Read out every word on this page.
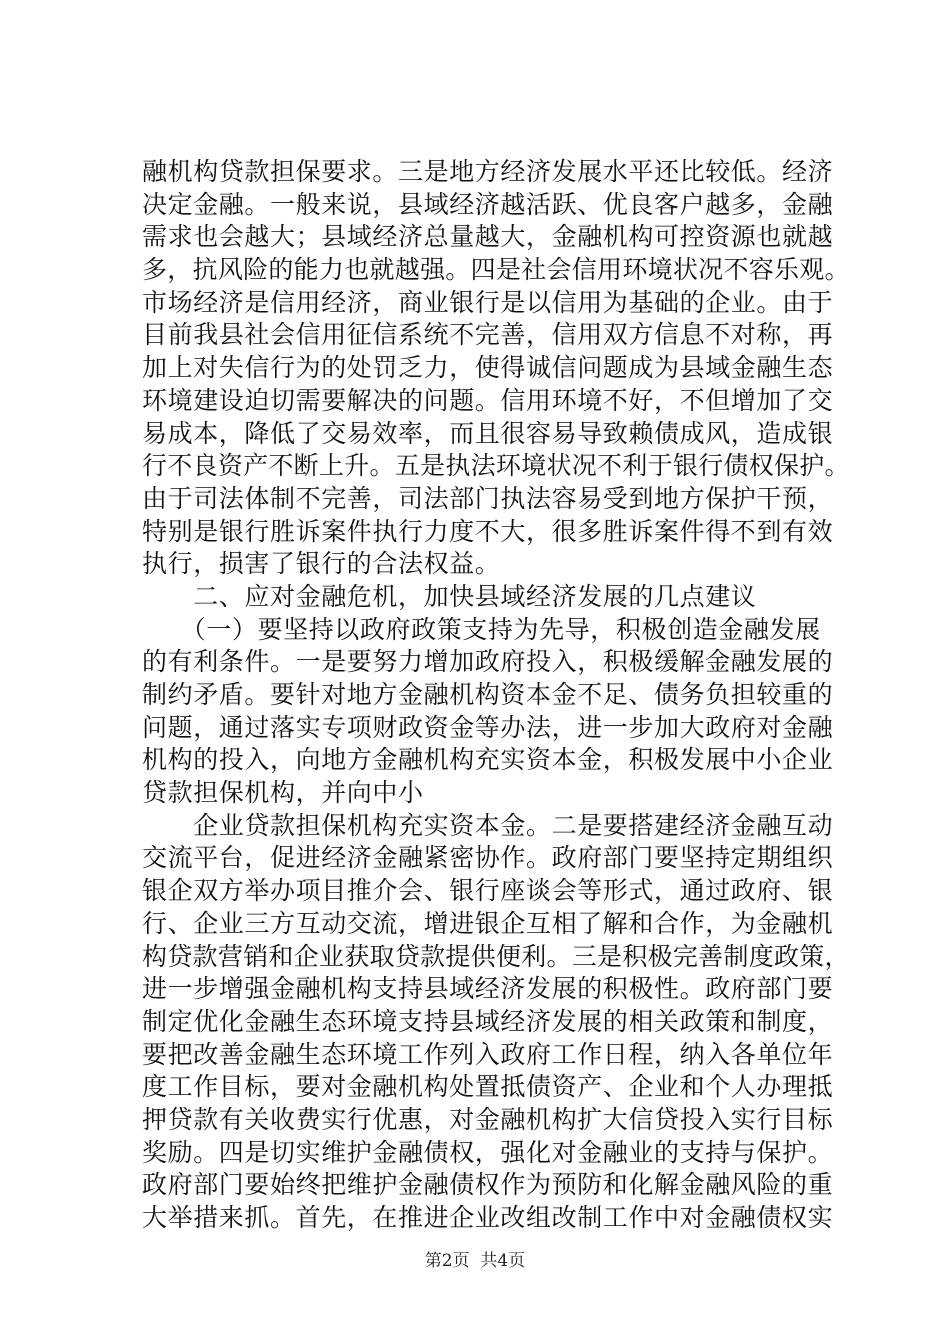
融机构贷款担保要求。三是地方经济发展水平还比较低。经济
决定金融。一般来说，县域经济越活跃、优良客户越多，金融
需求也会越大；县域经济总量越大，金融机构可控资源也就越
多，抗风险的能力也就越强。四是社会信用环境状况不容乐观。
市场经济是信用经济，商业银行是以信用为基础的企业。由于
目前我县社会信用征信系统不完善，信用双方信息不对称，再
加上对失信行为的处罚乏力，使得诚信问题成为县域金融生态
环境建设迫切需要解决的问题。信用环境不好，不但增加了交
易成本，降低了交易效率，而且很容易导致赖债成风，造成银
行不良资产不断上升。五是执法环境状况不利于银行债权保护。
由于司法体制不完善，司法部门执法容易受到地方保护干预，
特别是银行胜诉案件执行力度不大，很多胜诉案件得不到有效
执行，损害了银行的合法权益。
　　二、应对金融危机，加快县域经济发展的几点建议
　　（一）要坚持以政府政策支持为先导，积极创造金融发展
的有利条件。一是要努力增加政府投入，积极缓解金融发展的
制约矛盾。要针对地方金融机构资本金不足、债务负担较重的
问题，通过落实专项财政资金等办法，进一步加大政府对金融
机构的投入，向地方金融机构充实资本金，积极发展中小企业
贷款担保机构，并向中小
　　企业贷款担保机构充实资本金。二是要搭建经济金融互动
交流平台，促进经济金融紧密协作。政府部门要坚持定期组织
银企双方举办项目推介会、银行座谈会等形式，通过政府、银
行、企业三方互动交流，增进银企互相了解和合作，为金融机
构贷款营销和企业获取贷款提供便利。三是积极完善制度政策，
进一步增强金融机构支持县域经济发展的积极性。政府部门要
制定优化金融生态环境支持县域经济发展的相关政策和制度，
要把改善金融生态环境工作列入政府工作日程，纳入各单位年
度工作目标，要对金融机构处置抵债资产、企业和个人办理抵
押贷款有关收费实行优惠，对金融机构扩大信贷投入实行目标
奖励。四是切实维护金融债权，强化对金融业的支持与保护。
政府部门要始终把维护金融债权作为预防和化解金融风险的重
大举措来抓。首先，在推进企业改组改制工作中对金融债权实
第2页  共4页
